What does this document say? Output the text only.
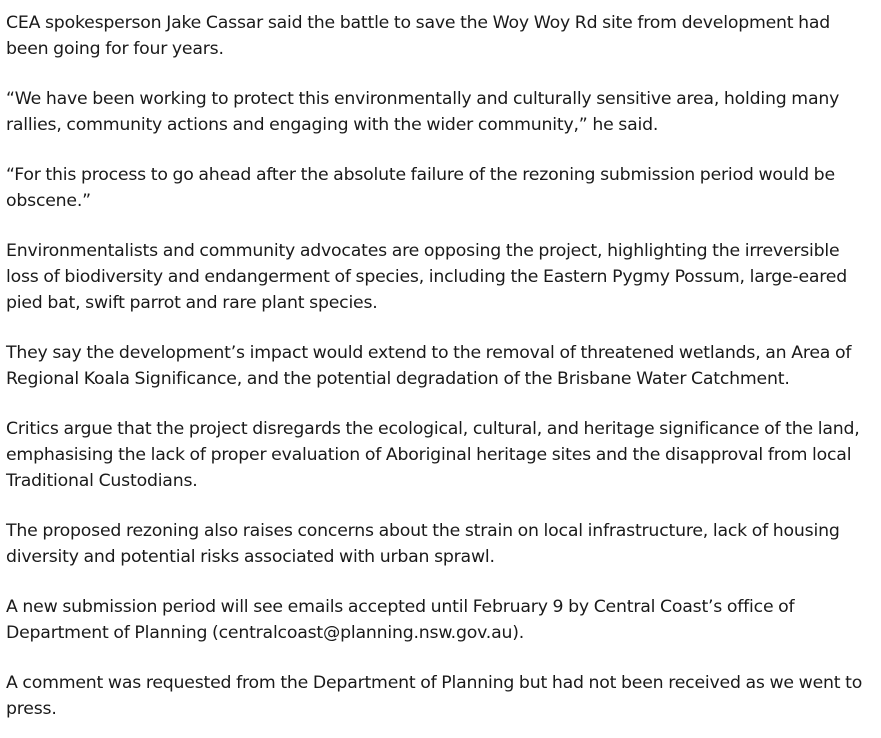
CEA spokesperson Jake Cassar said the battle to save the Woy Woy Rd site from development had been going for four years.

“We have been working to protect this environmentally and culturally sensitive area, holding many rallies, community actions and engaging with the wider community,” he said.

“For this process to go ahead after the absolute failure of the rezoning submission period would be obscene.”

Environmentalists and community advocates are opposing the project, highlighting the irreversible loss of biodiversity and endangerment of species, including the Eastern Pygmy Possum, large-eared pied bat, swift parrot and rare plant species.

They say the development’s impact would extend to the removal of threatened wetlands, an Area of Regional Koala Significance, and the potential degradation of the Brisbane Water Catchment.

Critics argue that the project disregards the ecological, cultural, and heritage significance of the land, emphasising the lack of proper evaluation of Aboriginal heritage sites and the disapproval from local Traditional Custodians.

The proposed rezoning also raises concerns about the strain on local infrastructure, lack of housing diversity and potential risks associated with urban sprawl.

A new submission period will see emails accepted until February 9 by Central Coast’s office of Department of Planning (centralcoast@planning.nsw.gov.au).

A comment was requested from the Department of Planning but had not been received as we went to press.
